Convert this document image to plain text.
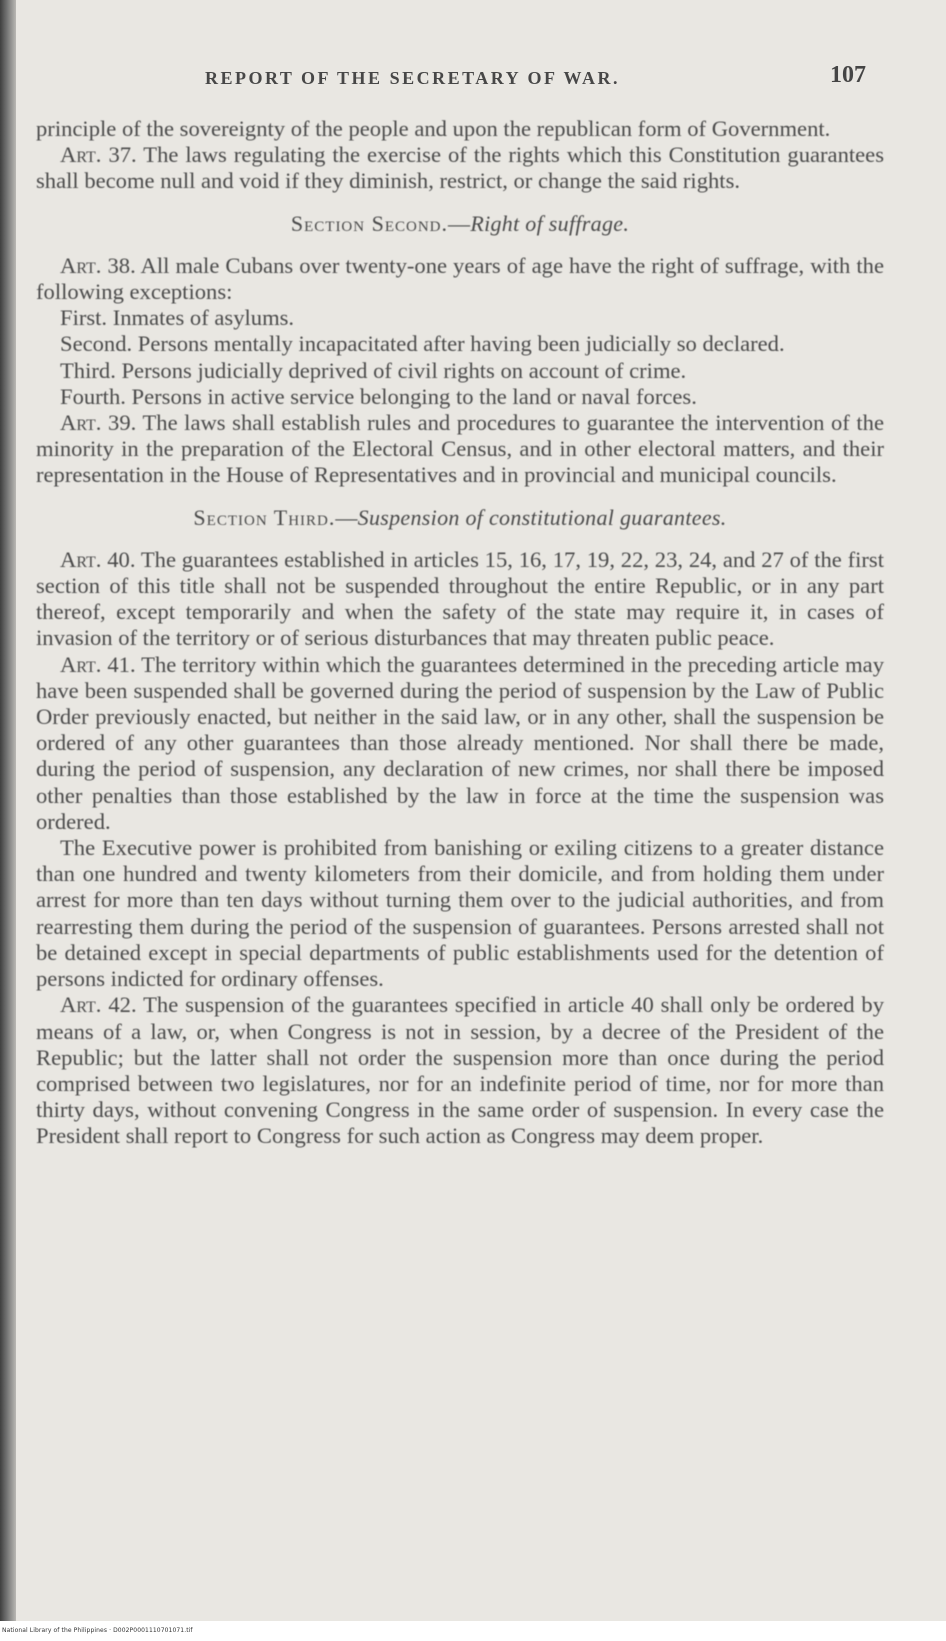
REPORT OF THE SECRETARY OF WAR.	107

principle of the sovereignty of the people and upon the republican form of Government.

Art. 37. The laws regulating the exercise of the rights which this Constitution guarantees shall become null and void if they diminish, restrict, or change the said rights.

Section Second.—Right of suffrage.

Art. 38. All male Cubans over twenty-one years of age have the right of suffrage, with the following exceptions:

First. Inmates of asylums.

Second. Persons mentally incapacitated after having been judicially so declared.

Third. Persons judicially deprived of civil rights on account of crime.

Fourth. Persons in active service belonging to the land or naval forces.

Art. 39. The laws shall establish rules and procedures to guarantee the intervention of the minority in the preparation of the Electoral Census, and in other electoral matters, and their representation in the House of Representatives and in provincial and municipal councils.

Section Third.—Suspension of constitutional guarantees.

Art. 40. The guarantees established in articles 15, 16, 17, 19, 22, 23, 24, and 27 of the first section of this title shall not be suspended throughout the entire Republic, or in any part thereof, except temporarily and when the safety of the state may require it, in cases of invasion of the territory or of serious disturbances that may threaten public peace.

Art. 41. The territory within which the guarantees determined in the preceding article may have been suspended shall be governed during the period of suspension by the Law of Public Order previously enacted, but neither in the said law, or in any other, shall the suspension be ordered of any other guarantees than those already mentioned. Nor shall there be made, during the period of suspension, any declaration of new crimes, nor shall there be imposed other penalties than those established by the law in force at the time the suspension was ordered.

The Executive power is prohibited from banishing or exiling citizens to a greater distance than one hundred and twenty kilometers from their domicile, and from holding them under arrest for more than ten days without turning them over to the judicial authorities, and from rearresting them during the period of the suspension of guarantees. Persons arrested shall not be detained except in special departments of public establishments used for the detention of persons indicted for ordinary offenses.

Art. 42. The suspension of the guarantees specified in article 40 shall only be ordered by means of a law, or, when Congress is not in session, by a decree of the President of the Republic; but the latter shall not order the suspension more than once during the period comprised between two legislatures, nor for an indefinite period of time, nor for more than thirty days, without convening Congress in the same order of suspension. In every case the President shall report to Congress for such action as Congress may deem proper.

National Library of the Philippines · D002P0001110701071.tif
